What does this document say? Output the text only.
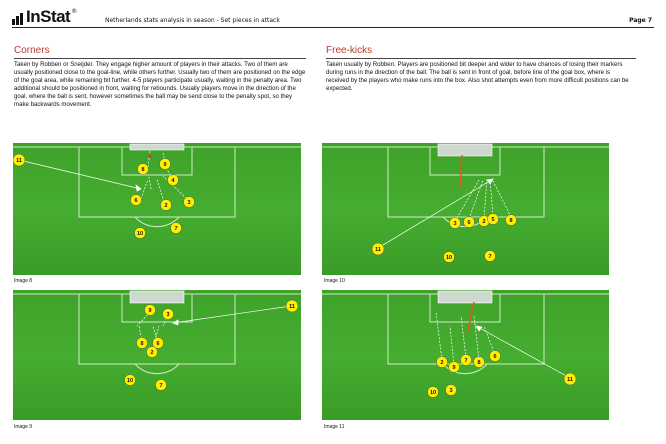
InStat ®
Netherlands stats analysis in season - Set pieces in attack	Page 7
Corners
Taken by Robben or Sneijder. They engage higher amount of players in their attacks. Two of them are usually positioned close to the goal-line, while others further. Usually two of them are positioned on the edge of the goal area, while remaining bit further. 4-5 players participate usually, waiting in the penalty area. Two additional should be positioned in front, waiting for rebounds. Usually players move in the direction of the goal, where the ball is sent, however sometimes the ball may be send close to the penalty spot, so they make backwards movement.
Free-kicks
Taken usually by Robben. Players are positioned bit deeper and wider to have chances of losing their markers during runs in the direction of the ball. The ball is sent in front of goal, before line of the goal box, where is received by the players who make runs into the box. Also shot attempts even from more difficult positions can be expected.
11
8
9
4
6
2	3
10
7
Image 8
3 6 2 5	8
11
10	7
Image 10
9
3
8 6
2
10
7
11
Image 9
2
9
7 8
6
10 3
11
Image 11
